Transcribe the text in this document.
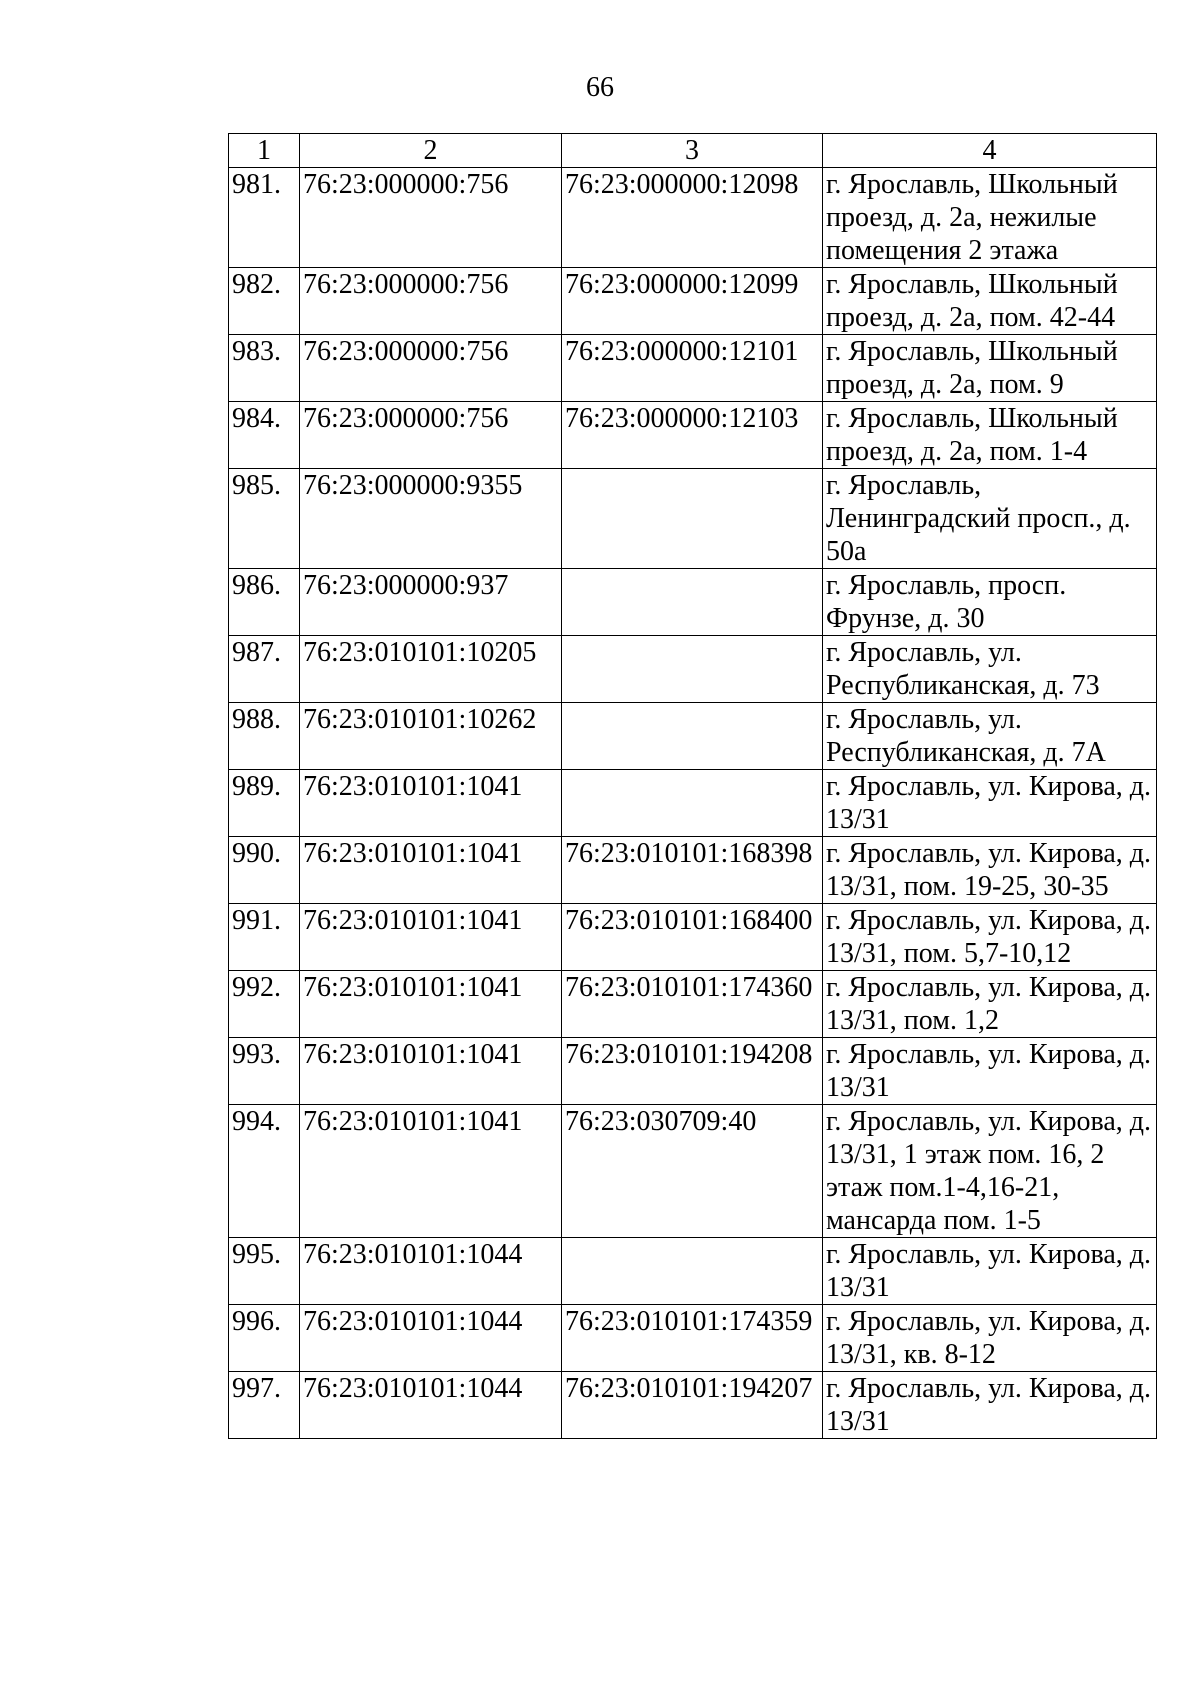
66
1	2	3	4
981.	76:23:000000:756	76:23:000000:12098	г. Ярославль, Школьный проезд, д. 2а, нежилые помещения 2 этажа
982.	76:23:000000:756	76:23:000000:12099	г. Ярославль, Школьный проезд, д. 2а, пом. 42-44
983.	76:23:000000:756	76:23:000000:12101	г. Ярославль, Школьный проезд, д. 2а, пом. 9
984.	76:23:000000:756	76:23:000000:12103	г. Ярославль, Школьный проезд, д. 2а, пом. 1-4
985.	76:23:000000:9355		г. Ярославль, Ленинградский просп., д. 50а
986.	76:23:000000:937		г. Ярославль, просп. Фрунзе, д. 30
987.	76:23:010101:10205		г. Ярославль, ул. Республиканская, д. 73
988.	76:23:010101:10262		г. Ярославль, ул. Республиканская, д. 7А
989.	76:23:010101:1041		г. Ярославль, ул. Кирова, д. 13/31
990.	76:23:010101:1041	76:23:010101:168398	г. Ярославль, ул. Кирова, д. 13/31, пом. 19-25, 30-35
991.	76:23:010101:1041	76:23:010101:168400	г. Ярославль, ул. Кирова, д. 13/31, пом. 5,7-10,12
992.	76:23:010101:1041	76:23:010101:174360	г. Ярославль, ул. Кирова, д. 13/31, пом. 1,2
993.	76:23:010101:1041	76:23:010101:194208	г. Ярославль, ул. Кирова, д. 13/31
994.	76:23:010101:1041	76:23:030709:40	г. Ярославль, ул. Кирова, д. 13/31, 1 этаж пом. 16, 2 этаж пом.1-4,16-21, мансарда пом. 1-5
995.	76:23:010101:1044		г. Ярославль, ул. Кирова, д. 13/31
996.	76:23:010101:1044	76:23:010101:174359	г. Ярославль, ул. Кирова, д. 13/31, кв. 8-12
997.	76:23:010101:1044	76:23:010101:194207	г. Ярославль, ул. Кирова, д. 13/31
